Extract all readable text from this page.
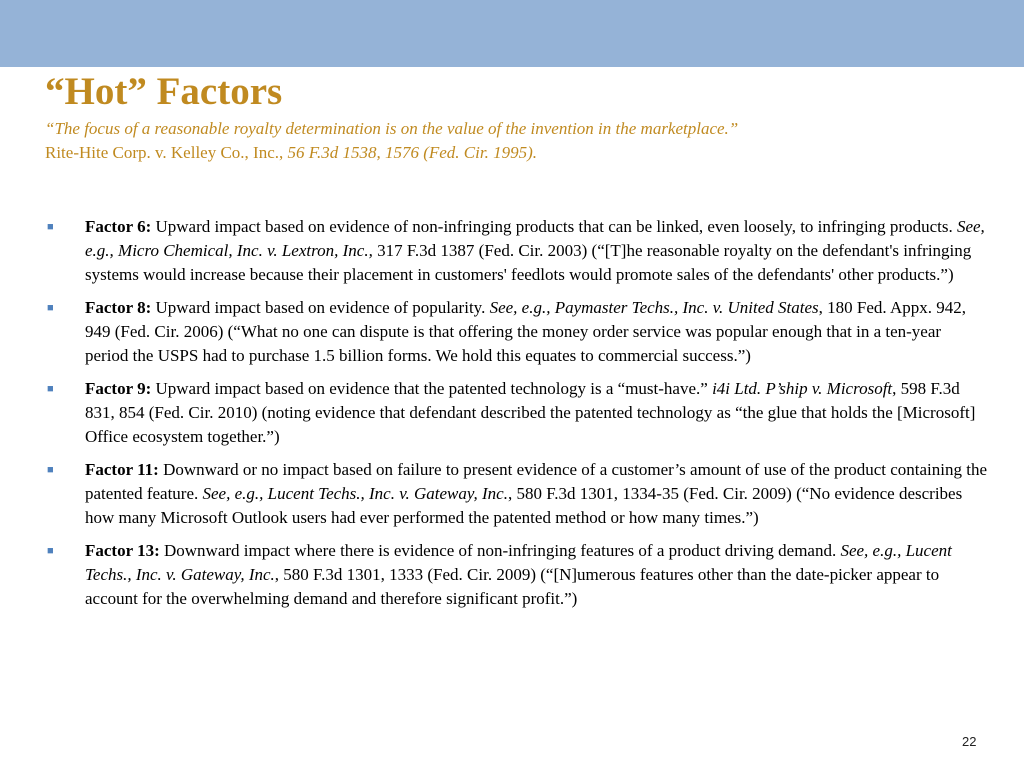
“Hot” Factors
“The focus of a reasonable royalty determination is on the value of the invention in the marketplace.”
Rite-Hite Corp. v. Kelley Co., Inc., 56 F.3d 1538, 1576 (Fed. Cir. 1995).
■ Factor 6: Upward impact based on evidence of non-infringing products that can be linked, even loosely, to infringing products. See, e.g., Micro Chemical, Inc. v. Lextron, Inc., 317 F.3d 1387 (Fed. Cir. 2003) (“[T]he reasonable royalty on the defendant's infringing systems would increase because their placement in customers' feedlots would promote sales of the defendants' other products.”)
■ Factor 8: Upward impact based on evidence of popularity. See, e.g., Paymaster Techs., Inc. v. United States, 180 Fed. Appx. 942, 949 (Fed. Cir. 2006) (“What no one can dispute is that offering the money order service was popular enough that in a ten-year period the USPS had to purchase 1.5 billion forms. We hold this equates to commercial success.”)
■ Factor 9: Upward impact based on evidence that the patented technology is a “must-have.” i4i Ltd. P’ship v. Microsoft, 598 F.3d 831, 854 (Fed. Cir. 2010) (noting evidence that defendant described the patented technology as “the glue that holds the [Microsoft] Office ecosystem together.”)
■ Factor 11: Downward or no impact based on failure to present evidence of a customer’s amount of use of the product containing the patented feature. See, e.g., Lucent Techs., Inc. v. Gateway, Inc., 580 F.3d 1301, 1334-35 (Fed. Cir. 2009) (“No evidence describes how many Microsoft Outlook users had ever performed the patented method or how many times.”)
■ Factor 13: Downward impact where there is evidence of non-infringing features of a product driving demand. See, e.g., Lucent Techs., Inc. v. Gateway, Inc., 580 F.3d 1301, 1333 (Fed. Cir. 2009) (“[N]umerous features other than the date-picker appear to account for the overwhelming demand and therefore significant profit.”)
22
